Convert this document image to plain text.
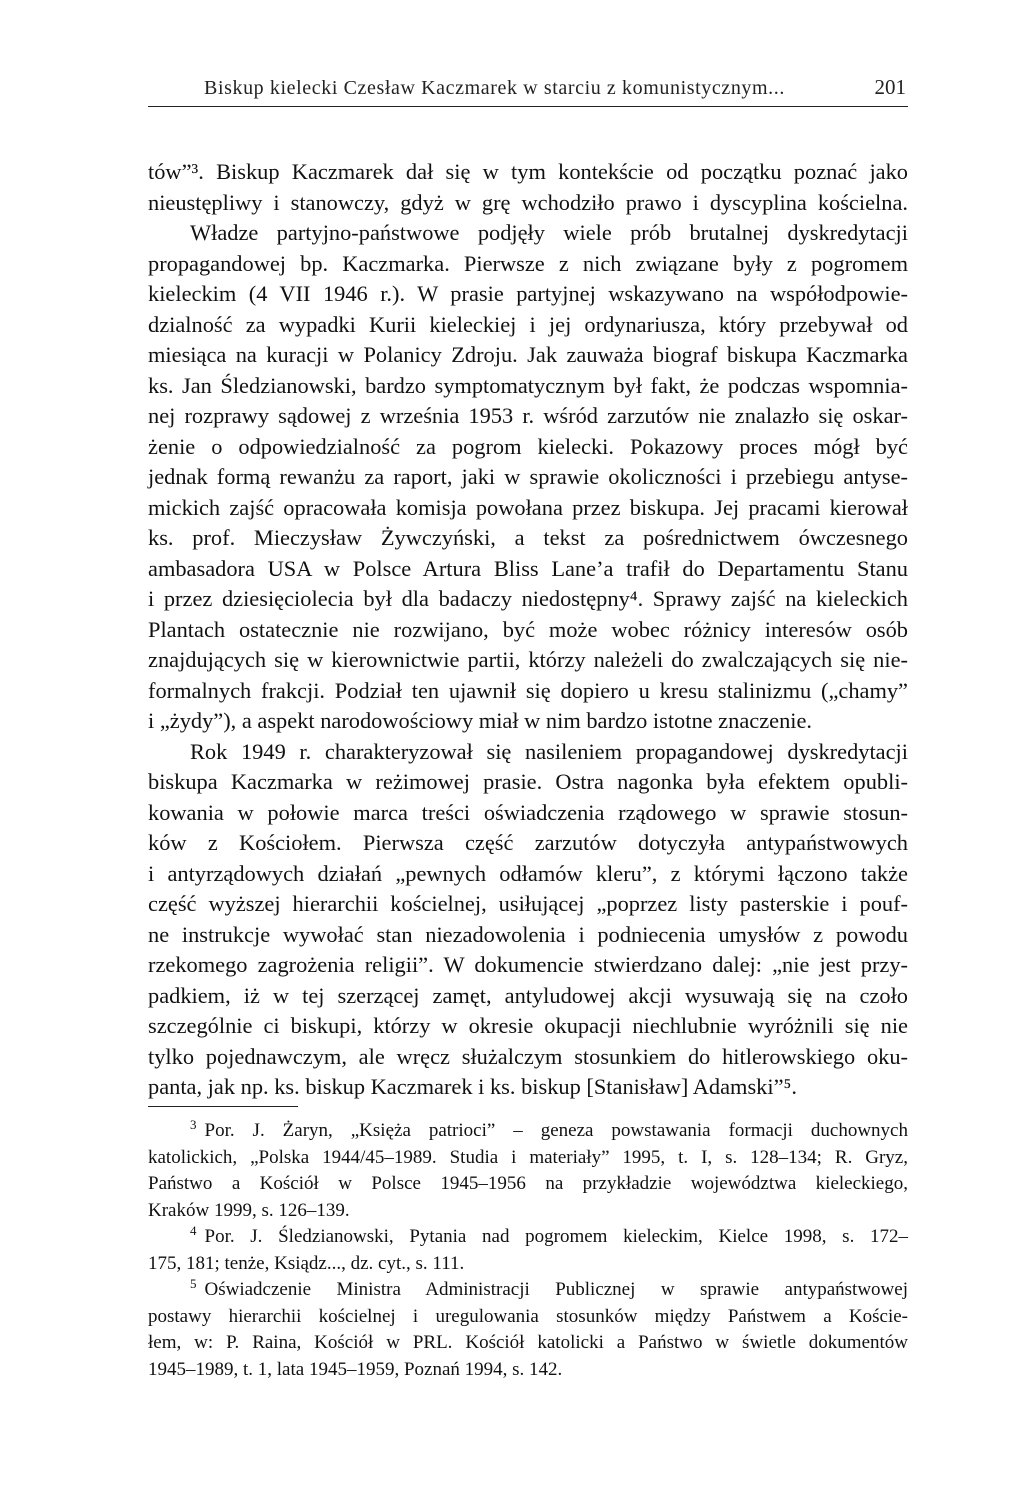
Biskup kielecki Czesław Kaczmarek w starciu z komunistycznym...	201
tów”³. Biskup Kaczmarek dał się w tym kontekście od początku poznać jako
nieustępliwy i stanowczy, gdyż w grę wchodziło prawo i dyscyplina kościelna.
Władze partyjno-państwowe podjęły wiele prób brutalnej dyskredytacji
propagandowej bp. Kaczmarka. Pierwsze z nich związane były z pogromem
kieleckim (4 VII 1946 r.). W prasie partyjnej wskazywano na współodpowie-
dzialność za wypadki Kurii kieleckiej i jej ordynariusza, który przebywał od
miesiąca na kuracji w Polanicy Zdroju. Jak zauważa biograf biskupa Kaczmarka
ks. Jan Śledzianowski, bardzo symptomatycznym był fakt, że podczas wspomnia-
nej rozprawy sądowej z września 1953 r. wśród zarzutów nie znalazło się oskar-
żenie o odpowiedzialność za pogrom kielecki. Pokazowy proces mógł być
jednak formą rewanżu za raport, jaki w sprawie okoliczności i przebiegu antyse-
mickich zajść opracowała komisja powołana przez biskupa. Jej pracami kierował
ks. prof. Mieczysław Żywczyński, a tekst za pośrednictwem ówczesnego
ambasadora USA w Polsce Artura Bliss Lane’a trafił do Departamentu Stanu
i przez dziesięciolecia był dla badaczy niedostępny⁴. Sprawy zajść na kieleckich
Plantach ostatecznie nie rozwijano, być może wobec różnicy interesów osób
znajdujących się w kierownictwie partii, którzy należeli do zwalczających się nie-
formalnych frakcji. Podział ten ujawnił się dopiero u kresu stalinizmu („chamy”
i „żydy”), a aspekt narodowościowy miał w nim bardzo istotne znaczenie.
Rok 1949 r. charakteryzował się nasileniem propagandowej dyskredytacji
biskupa Kaczmarka w reżimowej prasie. Ostra nagonka była efektem opubli-
kowania w połowie marca treści oświadczenia rządowego w sprawie stosun-
ków z Kościołem. Pierwsza część zarzutów dotyczyła antypaństwowych
i antyrządowych działań „pewnych odłamów kleru”, z którymi łączono także
część wyższej hierarchii kościelnej, usiłującej „poprzez listy pasterskie i pouf-
ne instrukcje wywołać stan niezadowolenia i podniecenia umysłów z powodu
rzekomego zagrożenia religii”. W dokumencie stwierdzano dalej: „nie jest przy-
padkiem, iż w tej szerzącej zamęt, antyludowej akcji wysuwają się na czoło
szczególnie ci biskupi, którzy w okresie okupacji niechlubnie wyróżnili się nie
tylko pojednawczym, ale wręcz służalczym stosunkiem do hitlerowskiego oku-
panta, jak np. ks. biskup Kaczmarek i ks. biskup [Stanisław] Adamski”⁵.
$^3$ Por. J. Żaryn, „Księżа patrioci” – geneza powstawania formacji duchownych
katolickich, „Polska 1944/45–1989. Studia i materiały” 1995, t. I, s. 128–134; R. Gryz,
Państwo a Kościół w Polsce 1945–1956 na przykładzie województwa kieleckiego,
Kraków 1999, s. 126–139.
$^4$ Por. J. Śledzianowski, Pytania nad pogromem kieleckim, Kielce 1998, s. 172–
175, 181; tenże, Ksiądz..., dz. cyt., s. 111.
$^5$ Oświadczenie Ministra Administracji Publicznej w sprawie antypaństwowej
postawy hierarchii kościelnej i uregulowania stosunków między Państwem a Koście-
łem, w: P. Raina, Kościół w PRL. Kościół katolicki a Państwo w świetle dokumentów
1945–1989, t. 1, lata 1945–1959, Poznań 1994, s. 142.
